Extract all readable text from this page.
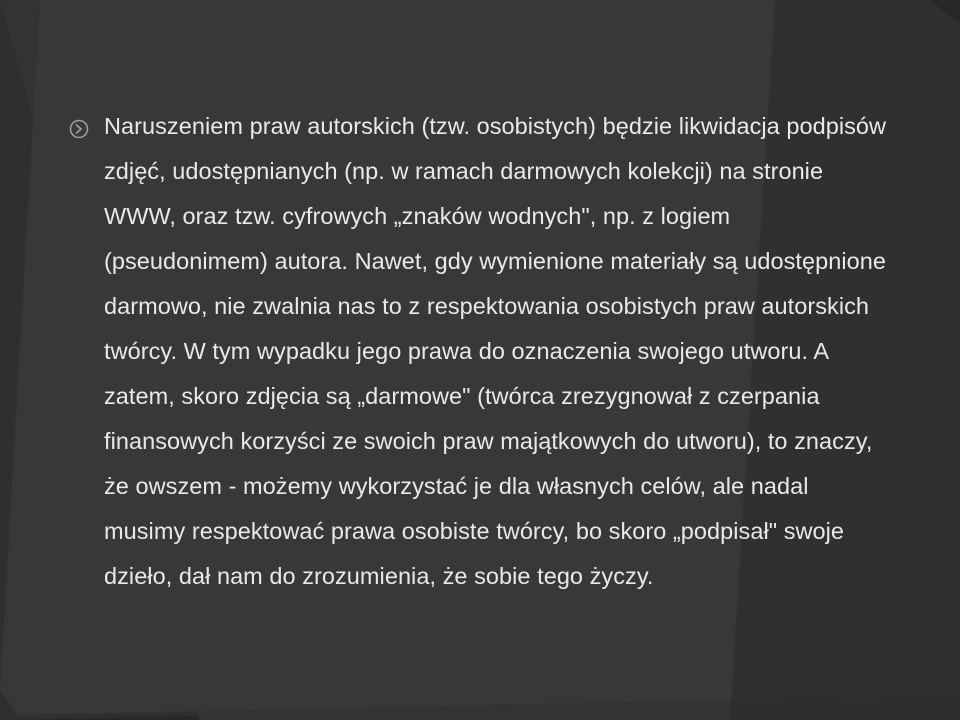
Naruszeniem praw autorskich (tzw. osobistych) będzie likwidacja podpisów zdjęć, udostępnianych (np. w ramach darmowych kolekcji) na stronie WWW, oraz tzw. cyfrowych „znaków wodnych", np. z logiem (pseudonimem) autora. Nawet, gdy wymienione materiały są udostępnione darmowo, nie zwalnia nas to z respektowania osobistych praw autorskich twórcy. W tym wypadku jego prawa do oznaczenia swojego utworu. A zatem, skoro zdjęcia są „darmowe" (twórca zrezygnował z czerpania finansowych korzyści ze swoich praw majątkowych do utworu), to znaczy, że owszem - możemy wykorzystać je dla własnych celów, ale nadal musimy respektować prawa osobiste twórcy, bo skoro „podpisał" swoje dzieło, dał nam do zrozumienia, że sobie tego życzy.
